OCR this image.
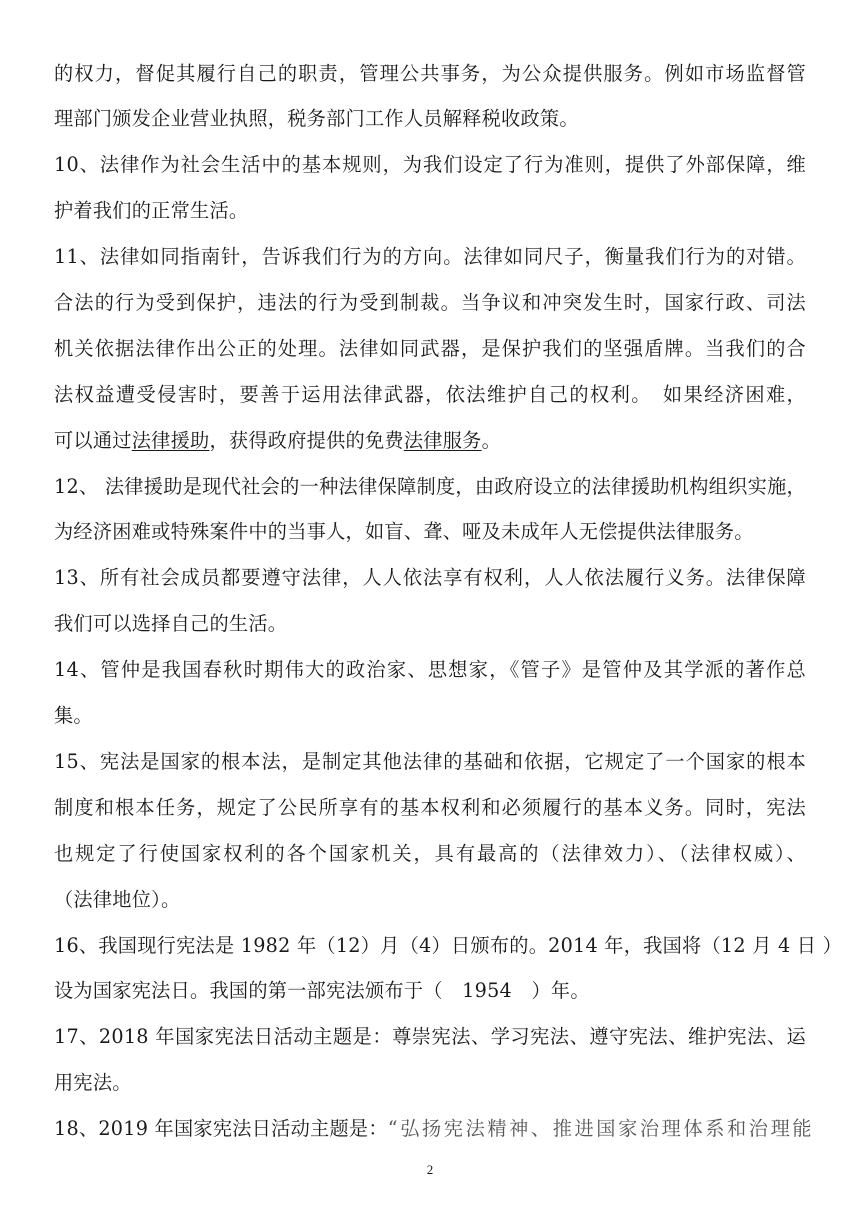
的权力，督促其履行自己的职责，管理公共事务，为公众提供服务。例如市场监督管
理部门颁发企业营业执照，税务部门工作人员解释税收政策。
10、法律作为社会生活中的基本规则，为我们设定了行为准则，提供了外部保障，维
护着我们的正常生活。
11、法律如同指南针，告诉我们行为的方向。法律如同尺子，衡量我们行为的对错。
合法的行为受到保护，违法的行为受到制裁。当争议和冲突发生时，国家行政、司法
机关依据法律作出公正的处理。法律如同武器，是保护我们的坚强盾牌。当我们的合
法权益遭受侵害时，要善于运用法律武器，依法维护自己的权利。　如果经济困难，
可以通过法律援助，获得政府提供的免费法律服务。
12、 法律援助是现代社会的一种法律保障制度，由政府设立的法律援助机构组织实施，
为经济困难或特殊案件中的当事人，如盲、聋、哑及未成年人无偿提供法律服务。
13、所有社会成员都要遵守法律，人人依法享有权利，人人依法履行义务。法律保障
我们可以选择自己的生活。
14、管仲是我国春秋时期伟大的政治家、思想家，《管子》是管仲及其学派的著作总
集。
15、宪法是国家的根本法，是制定其他法律的基础和依据，它规定了一个国家的根本
制度和根本任务，规定了公民所享有的基本权利和必须履行的基本义务。同时，宪法
也规定了行使国家权利的各个国家机关，具有最高的（法律效力）、（法律权威）、
（法律地位）。
16、我国现行宪法是 1982 年（12）月（4）日颁布的。2014 年，我国将（12 月 4 日 ）
设为国家宪法日。我国的第一部宪法颁布于（　1954　）年。
17、2018 年国家宪法日活动主题是：尊崇宪法、学习宪法、遵守宪法、维护宪法、运
用宪法。
18、2019 年国家宪法日活动主题是：“弘扬宪法精神、推进国家治理体系和治理能
2
